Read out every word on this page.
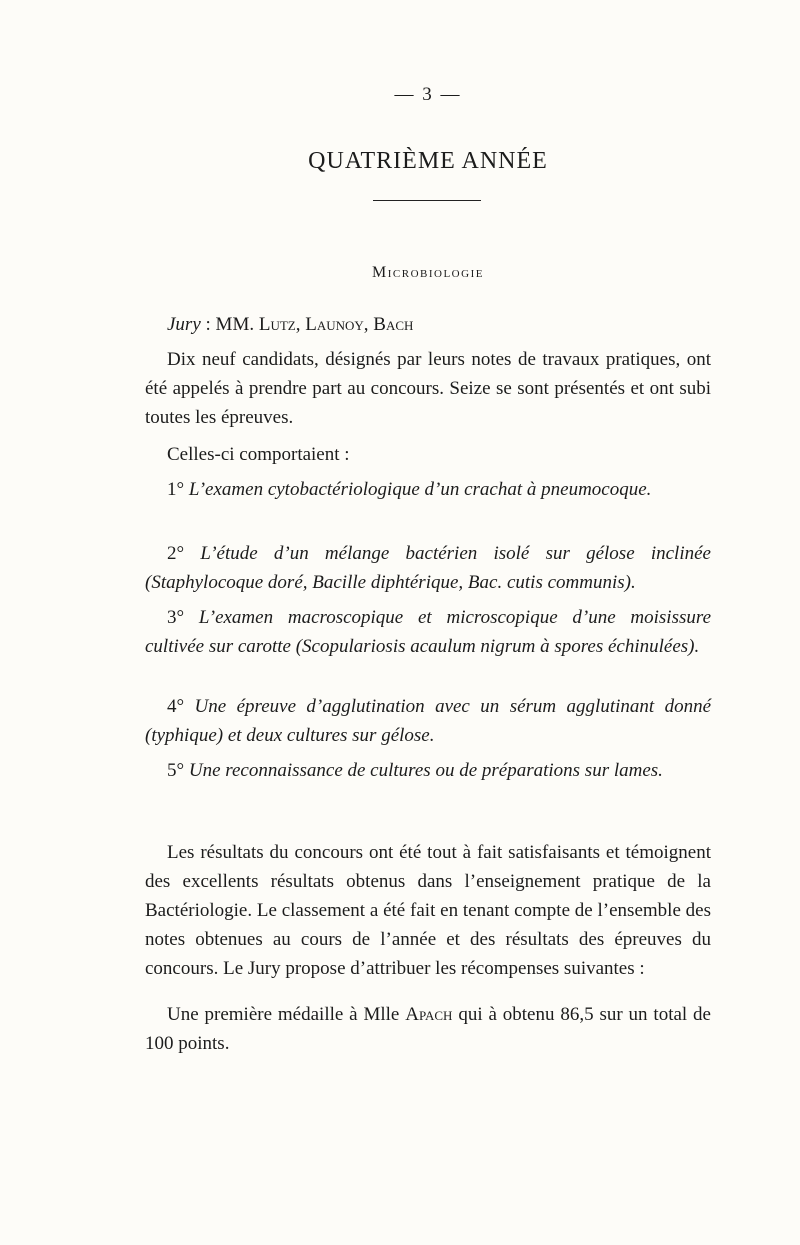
— 3 —
QUATRIÈME ANNÉE
Microbiologie
Jury : MM. Lutz, Launoy, Bach
Dix neuf candidats, désignés par leurs notes de travaux pratiques, ont été appelés à prendre part au concours. Seize se sont présentés et ont subi toutes les épreuves.
Celles-ci comportaient :
1° L’examen cytobactériologique d’un crachat à pneumocoque.
2° L’étude d’un mélange bactérien isolé sur gélose inclinée (Staphylocoque doré, Bacille diphtérique, Bac. cutis communis).
3° L’examen macroscopique et microscopique d’une moisissure cultivée sur carotte (Scopulariosis acaulum nigrum à spores échinulées).
4° Une épreuve d’agglutination avec un sérum agglutinant donné (typhique) et deux cultures sur gélose.
5° Une reconnaissance de cultures ou de préparations sur lames.
Les résultats du concours ont été tout à fait satisfaisants et témoignent des excellents résultats obtenus dans l’enseignement pratique de la Bactériologie. Le classement a été fait en tenant compte de l’ensemble des notes obtenues au cours de l’année et des résultats des épreuves du concours. Le Jury propose d’attribuer les récompenses suivantes :
Une première médaille à Mlle Apach qui à obtenu 86,5 sur un total de 100 points.
